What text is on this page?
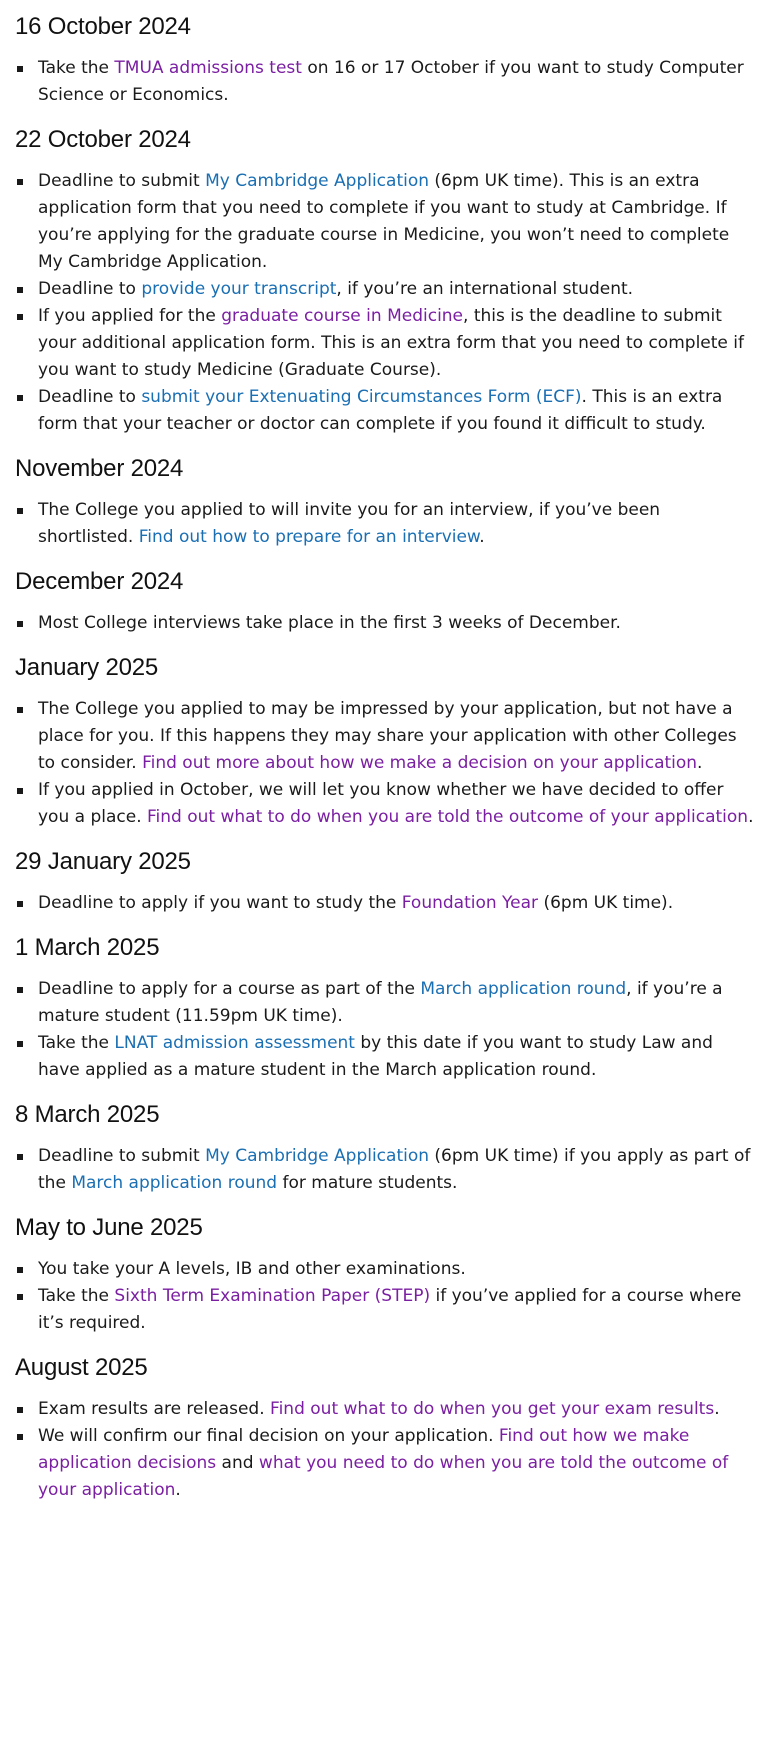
16 October 2024
Take the TMUA admissions test on 16 or 17 October if you want to study Computer Science or Economics.
22 October 2024
Deadline to submit My Cambridge Application (6pm UK time). This is an extra application form that you need to complete if you want to study at Cambridge. If you’re applying for the graduate course in Medicine, you won’t need to complete My Cambridge Application.
Deadline to provide your transcript, if you’re an international student.
If you applied for the graduate course in Medicine, this is the deadline to submit your additional application form. This is an extra form that you need to complete if you want to study Medicine (Graduate Course).
Deadline to submit your Extenuating Circumstances Form (ECF). This is an extra form that your teacher or doctor can complete if you found it difficult to study.
November 2024
The College you applied to will invite you for an interview, if you’ve been shortlisted. Find out how to prepare for an interview.
December 2024
Most College interviews take place in the first 3 weeks of December.
January 2025
The College you applied to may be impressed by your application, but not have a place for you. If this happens they may share your application with other Colleges to consider. Find out more about how we make a decision on your application.
If you applied in October, we will let you know whether we have decided to offer you a place. Find out what to do when you are told the outcome of your application.
29 January 2025
Deadline to apply if you want to study the Foundation Year (6pm UK time).
1 March 2025
Deadline to apply for a course as part of the March application round, if you’re a mature student (11.59pm UK time).
Take the LNAT admission assessment by this date if you want to study Law and have applied as a mature student in the March application round.
8 March 2025
Deadline to submit My Cambridge Application (6pm UK time) if you apply as part of the March application round for mature students.
May to June 2025
You take your A levels, IB and other examinations.
Take the Sixth Term Examination Paper (STEP) if you’ve applied for a course where it’s required.
August 2025
Exam results are released. Find out what to do when you get your exam results.
We will confirm our final decision on your application. Find out how we make application decisions and what you need to do when you are told the outcome of your application.
